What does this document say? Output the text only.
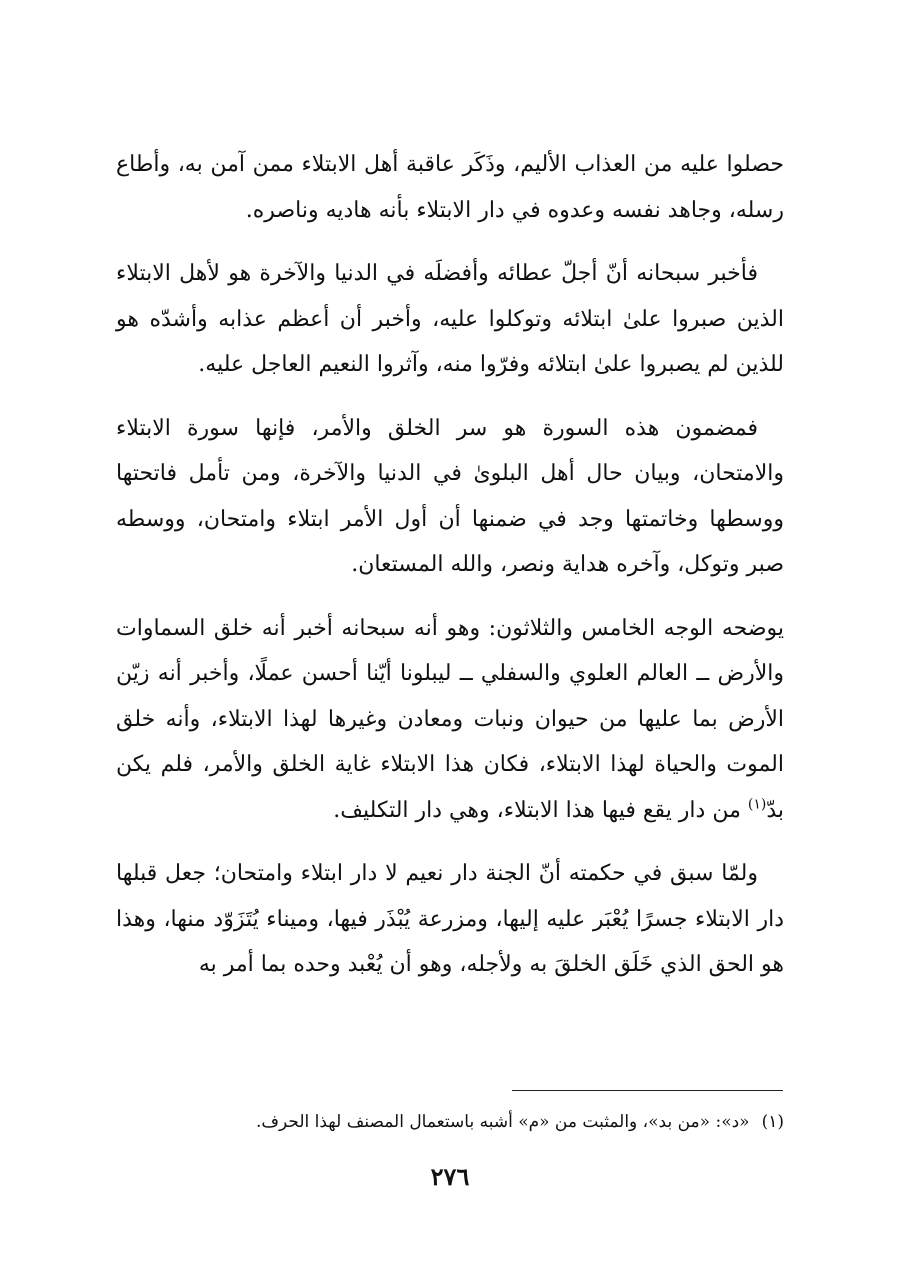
حصلوا عليه من العذاب الأليم، وذَكَر عاقبة أهل الابتلاء ممن آمن به، وأطاع رسله، وجاهد نفسه وعدوه في دار الابتلاء بأنه هاديه وناصره.

فأخبر سبحانه أنّ أجلّ عطائه وأفضلَه في الدنيا والآخرة هو لأهل الابتلاء الذين صبروا علىٰ ابتلائه وتوكلوا عليه، وأخبر أن أعظم عذابه وأشدّه هو للذين لم يصبروا علىٰ ابتلائه وفرّوا منه، وآثروا النعيم العاجل عليه.

فمضمون هذه السورة هو سر الخلق والأمر، فإنها سورة الابتلاء والامتحان، وبيان حال أهل البلوىٰ في الدنيا والآخرة، ومن تأمل فاتحتها ووسطها وخاتمتها وجد في ضمنها أن أول الأمر ابتلاء وامتحان، ووسطه صبر وتوكل، وآخره هداية ونصر، والله المستعان.

يوضحه الوجه الخامس والثلاثون: وهو أنه سبحانه أخبر أنه خلق السماوات والأرض ــ العالم العلوي والسفلي ــ ليبلونا أيّنا أحسن عملًا، وأخبر أنه زيّن الأرض بما عليها من حيوان ونبات ومعادن وغيرها لهذا الابتلاء، وأنه خلق الموت والحياة لهذا الابتلاء، فكان هذا الابتلاء غاية الخلق والأمر، فلم يكن بدّ$^{(١)}$ من دار يقع فيها هذا الابتلاء، وهي دار التكليف.

ولمّا سبق في حكمته أنّ الجنة دار نعيم لا دار ابتلاء وامتحان؛ جعل قبلها دار الابتلاء جسرًا يُعْبَر عليه إليها، ومزرعة يُبْذَر فيها، وميناء يُتَزَوّد منها، وهذا هو الحق الذي خَلَق الخلقَ به ولأجله، وهو أن يُعْبد وحده بما أمر به

(١)«د»: «من بد»، والمثبت من «م» أشبه باستعمال المصنف لهذا الحرف.
٢٧٦
